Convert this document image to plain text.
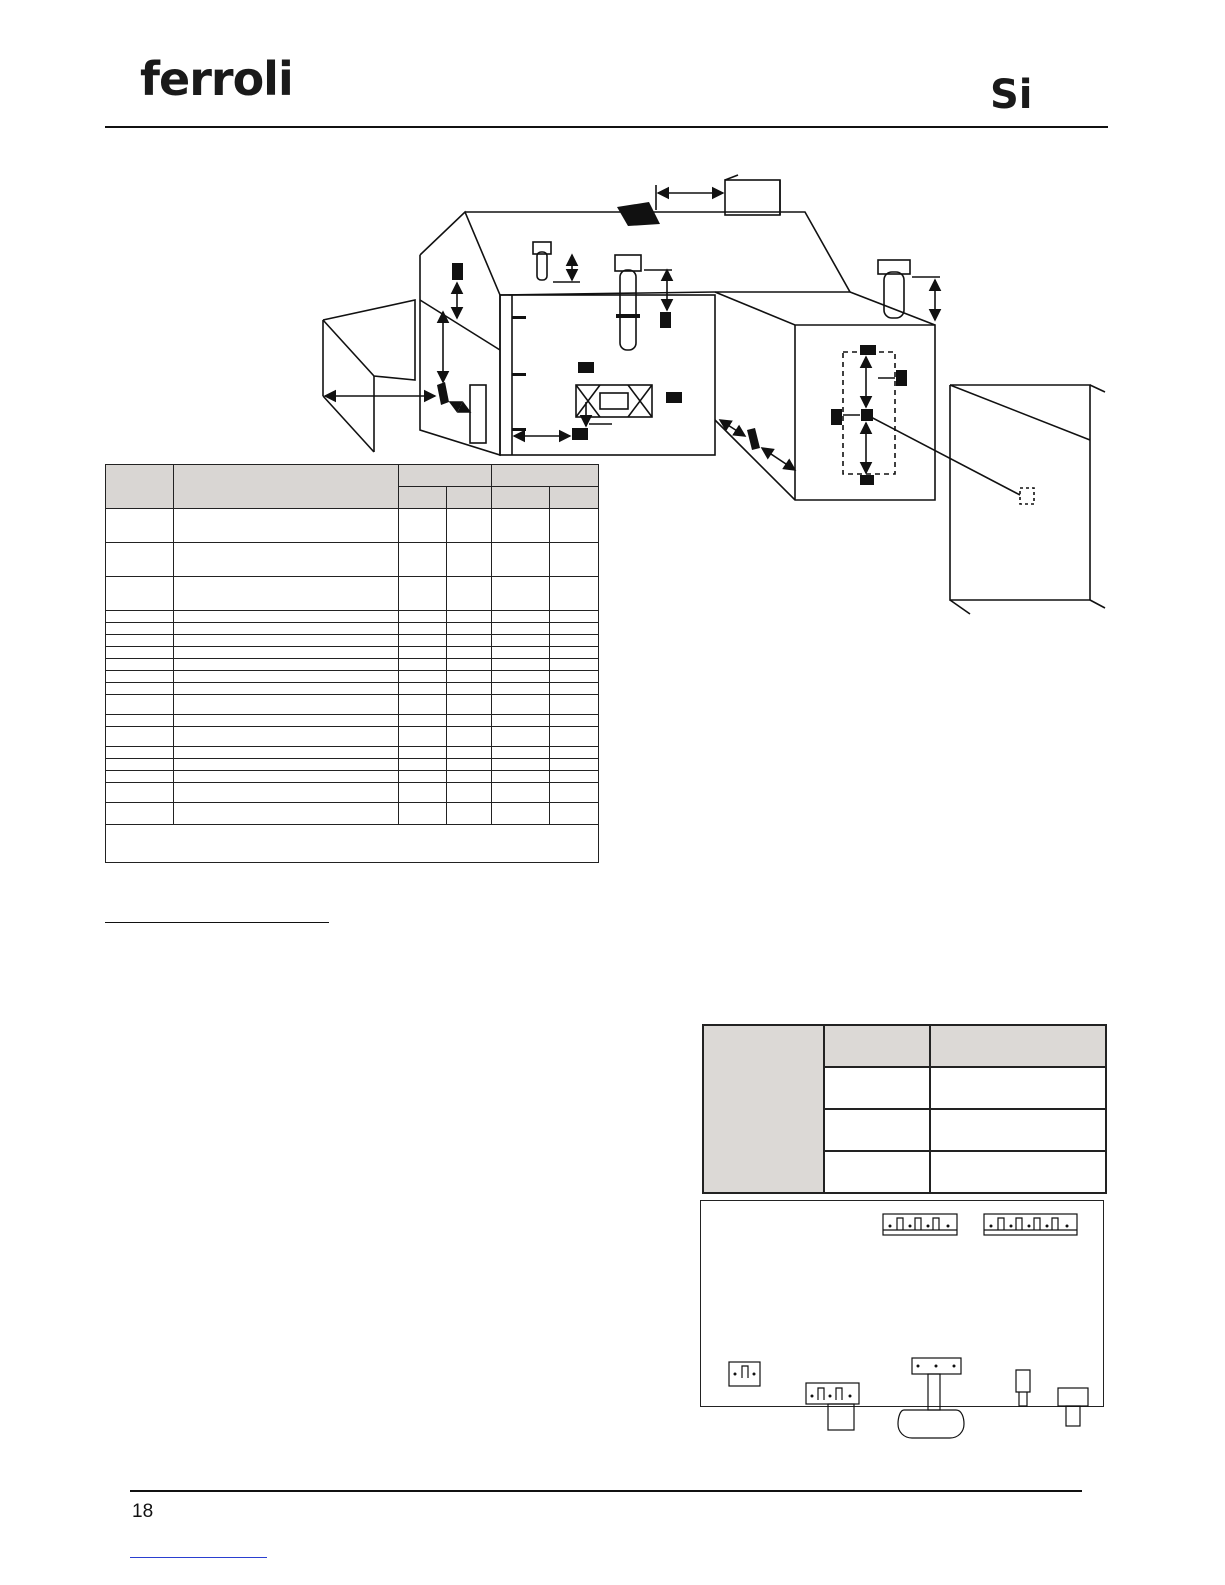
ferroli	Si

18
